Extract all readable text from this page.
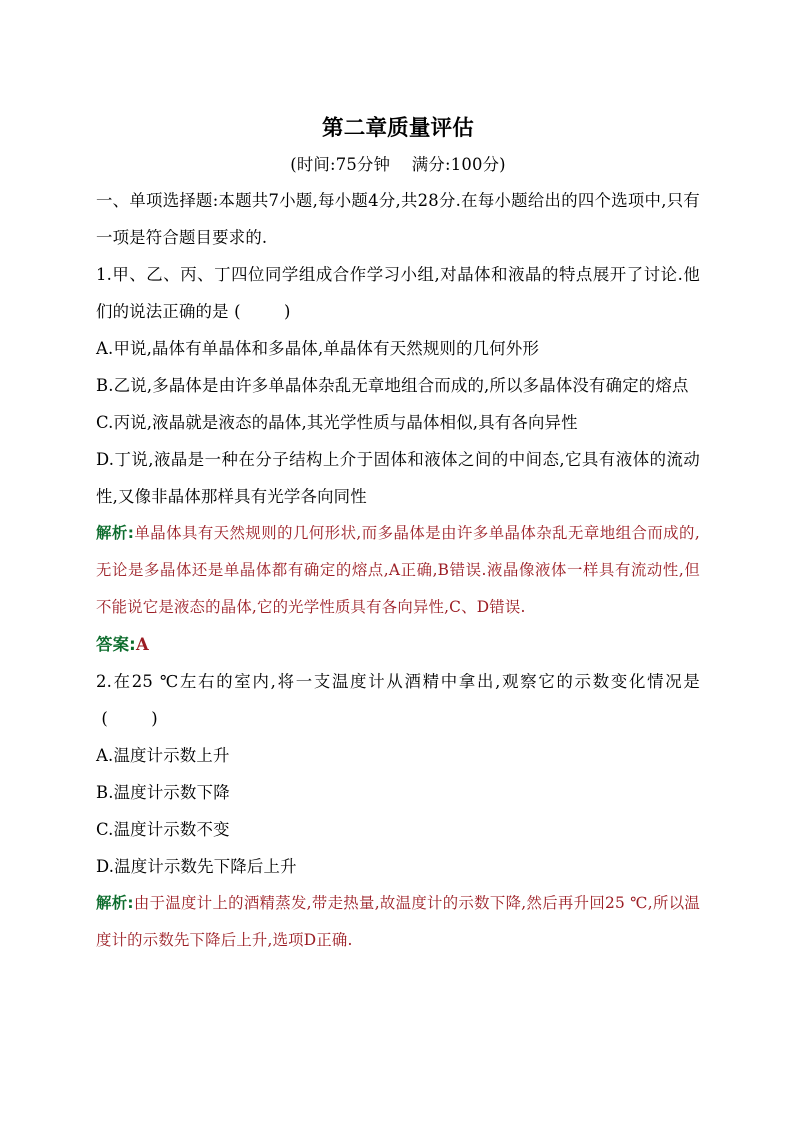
第二章质量评估
(时间:75分钟    满分:100分)

一、单项选择题:本题共7小题,每小题4分,共28分.在每小题给出的四个选项中,只有一项是符合题目要求的.

1.甲、乙、丙、丁四位同学组成合作学习小组,对晶体和液晶的特点展开了讨论.他们的说法正确的是 (        )

A.甲说,晶体有单晶体和多晶体,单晶体有天然规则的几何外形

B.乙说,多晶体是由许多单晶体杂乱无章地组合而成的,所以多晶体没有确定的熔点

C.丙说,液晶就是液态的晶体,其光学性质与晶体相似,具有各向异性

D.丁说,液晶是一种在分子结构上介于固体和液体之间的中间态,它具有液体的流动性,又像非晶体那样具有光学各向同性

解析:单晶体具有天然规则的几何形状,而多晶体是由许多单晶体杂乱无章地组合而成的,无论是多晶体还是单晶体都有确定的熔点,A正确,B错误.液晶像液体一样具有流动性,但不能说它是液态的晶体,它的光学性质具有各向异性,C、D错误.

答案:A

2.在25 ℃左右的室内,将一支温度计从酒精中拿出,观察它的示数变化情况是 (        )

A.温度计示数上升

B.温度计示数下降

C.温度计示数不变

D.温度计示数先下降后上升

解析:由于温度计上的酒精蒸发,带走热量,故温度计的示数下降,然后再升回25 ℃,所以温度计的示数先下降后上升,选项D正确.
